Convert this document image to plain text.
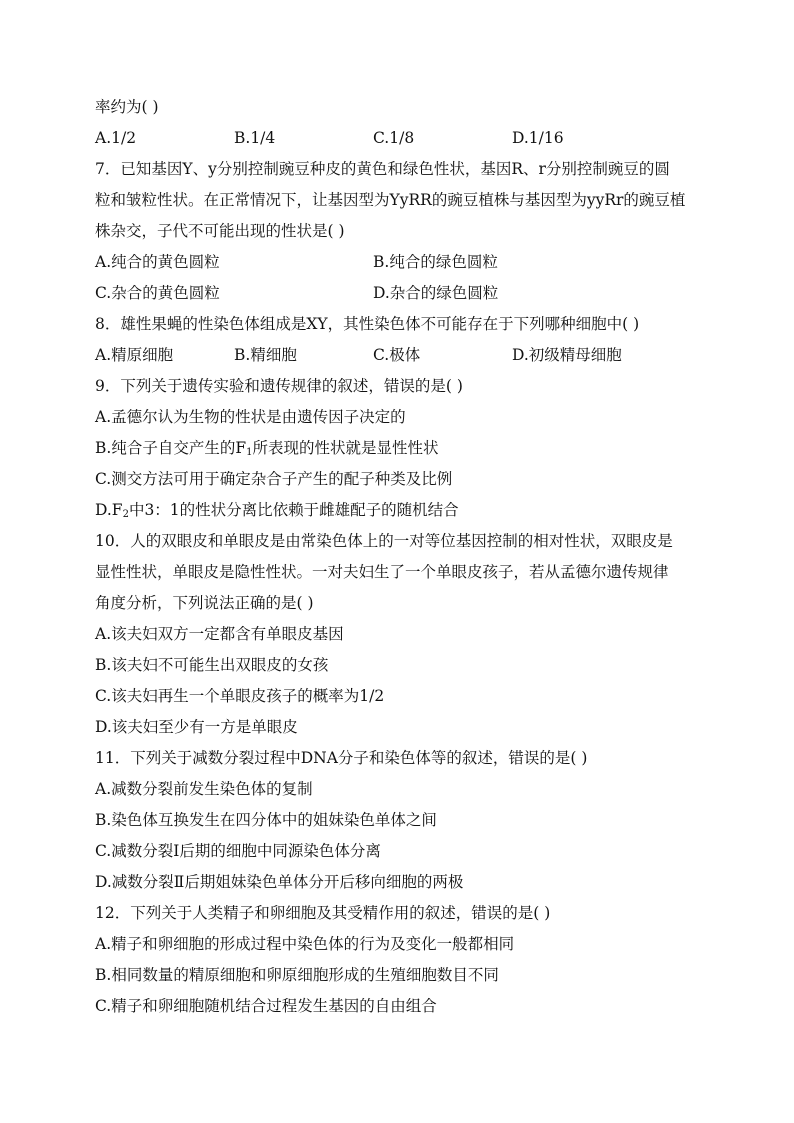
率约为( )
A.1/2	B.1/4	C.1/8	D.1/16
7．已知基因Y、y分别控制豌豆种皮的黄色和绿色性状，基因R、r分别控制豌豆的圆
粒和皱粒性状。在正常情况下，让基因型为YyRR的豌豆植株与基因型为yyRr的豌豆植
株杂交，子代不可能出现的性状是( )
A.纯合的黄色圆粒	B.纯合的绿色圆粒
C.杂合的黄色圆粒	D.杂合的绿色圆粒
8．雄性果蝇的性染色体组成是XY，其性染色体不可能存在于下列哪种细胞中( )
A.精原细胞	B.精细胞	C.极体	D.初级精母细胞
9．下列关于遗传实验和遗传规律的叙述，错误的是( )
A.孟德尔认为生物的性状是由遗传因子决定的
B.纯合子自交产生的$F_1$所表现的性状就是显性性状
C.测交方法可用于确定杂合子产生的配子种类及比例
$D.F_2$中3：1的性状分离比依赖于雌雄配子的随机结合
10．人的双眼皮和单眼皮是由常染色体上的一对等位基因控制的相对性状，双眼皮是
显性性状，单眼皮是隐性性状。一对夫妇生了一个单眼皮孩子，若从孟德尔遗传规律
角度分析，下列说法正确的是( )
A.该夫妇双方一定都含有单眼皮基因
B.该夫妇不可能生出双眼皮的女孩
C.该夫妇再生一个单眼皮孩子的概率为1/2
D.该夫妇至少有一方是单眼皮
11．下列关于减数分裂过程中DNA分子和染色体等的叙述，错误的是( )
A.减数分裂前发生染色体的复制
B.染色体互换发生在四分体中的姐妹染色单体之间
C.减数分裂Ⅰ后期的细胞中同源染色体分离
D.减数分裂Ⅱ后期姐妹染色单体分开后移向细胞的两极
12．下列关于人类精子和卵细胞及其受精作用的叙述，错误的是( )
A.精子和卵细胞的形成过程中染色体的行为及变化一般都相同
B.相同数量的精原细胞和卵原细胞形成的生殖细胞数目不同
C.精子和卵细胞随机结合过程发生基因的自由组合
